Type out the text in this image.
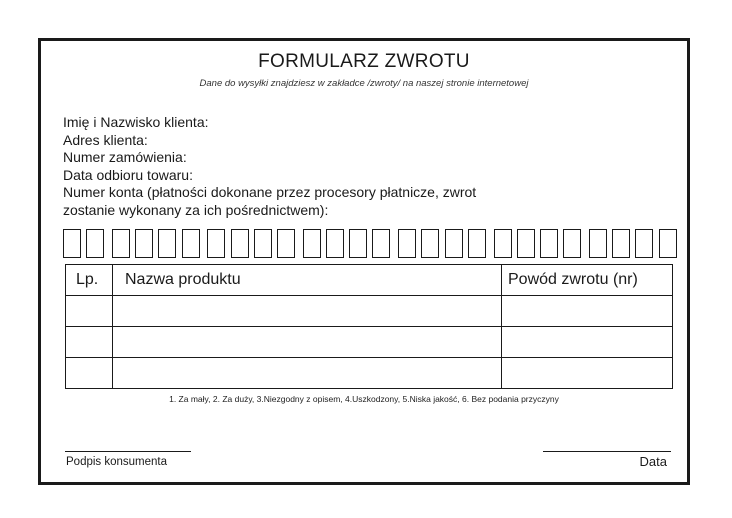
FORMULARZ ZWROTU
Dane do wysyłki znajdziesz w zakładce /zwroty/ na naszej stronie internetowej
Imię i Nazwisko klienta:
Adres klienta:
Numer zamówienia:
Data odbioru towaru:
Numer konta (płatności dokonane przez procesory płatnicze, zwrot
zostanie wykonany za ich pośrednictwem):
Lp.	Nazwa produktu	Powód zwrotu (nr)

1. Za mały, 2. Za duży, 3.Niezgodny z opisem, 4.Uszkodzony, 5.Niska jakość, 6. Bez podania przyczyny
Podpis konsumenta	Data
